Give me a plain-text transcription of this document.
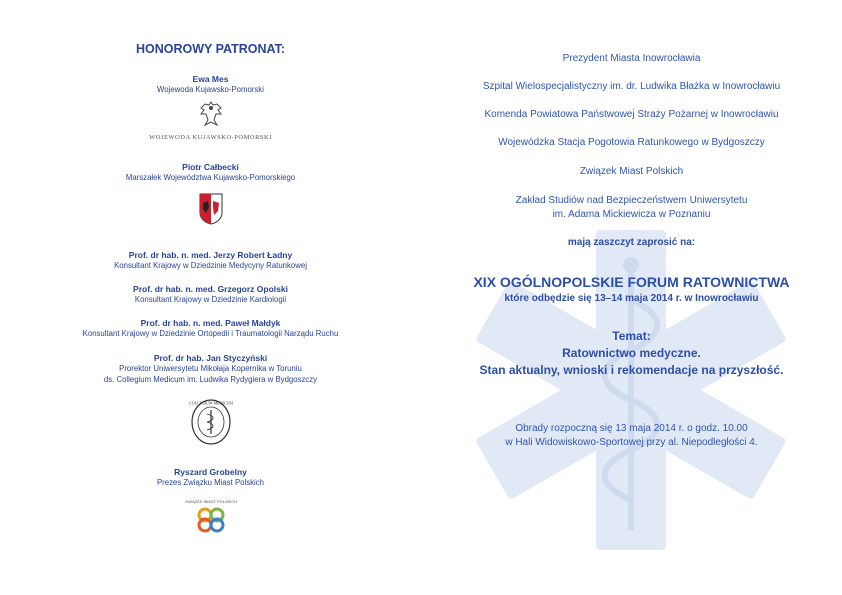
HONOROWY PATRONAT:
Ewa Mes
Wojewoda Kujawsko-Pomorski
WOJEWODA KUJAWSKO-POMORSKI
Piotr Całbecki
Marszałek Województwa Kujawsko-Pomorskiego
Prof. dr hab. n. med. Jerzy Robert Ładny
Konsultant Krajowy w Dziedzinie Medycyny Ratunkowej
Prof. dr hab. n. med. Grzegorz Opolski
Konsultant Krajowy w Dziedzinie Kardiologii
Prof. dr hab. n. med. Paweł Małdyk
Konsultant Krajowy w Dziedzinie Ortopedii i Traumatologii Narządu Ruchu
Prof. dr hab. Jan Styczyński
Prorektor Uniwersytetu Mikołaja Kopernika w Toruniu
ds. Collegium Medicum im. Ludwika Rydygiera w Bydgoszczy
COLLEGIUM MEDICUM
Ryszard Grobelny
Prezes Związku Miast Polskich
ZWIĄZEK MIAST POLSKICH
Prezydent Miasta Inowrocławia
Szpital Wielospecjalistyczny im. dr. Ludwika Błażka w Inowrocławiu
Komenda Powiatowa Państwowej Straży Pożarnej w Inowrocławiu
Wojewódzka Stacja Pogotowia Ratunkowego w Bydgoszczy
Związek Miast Polskich
Zakład Studiów nad Bezpieczeństwem Uniwersytetu
im. Adama Mickiewicza w Poznaniu
mają zaszczyt zaprosić na:
XIX OGÓLNOPOLSKIE FORUM RATOWNICTWA
które odbędzie się 13–14 maja 2014 r. w Inowrocławiu
Temat:
Ratownictwo medyczne.
Stan aktualny, wnioski i rekomendacje na przyszłość.
Obrady rozpoczną się 13 maja 2014 r. o godz. 10.00
w Hali Widowiskowo-Sportowej przy al. Niepodległości 4.
